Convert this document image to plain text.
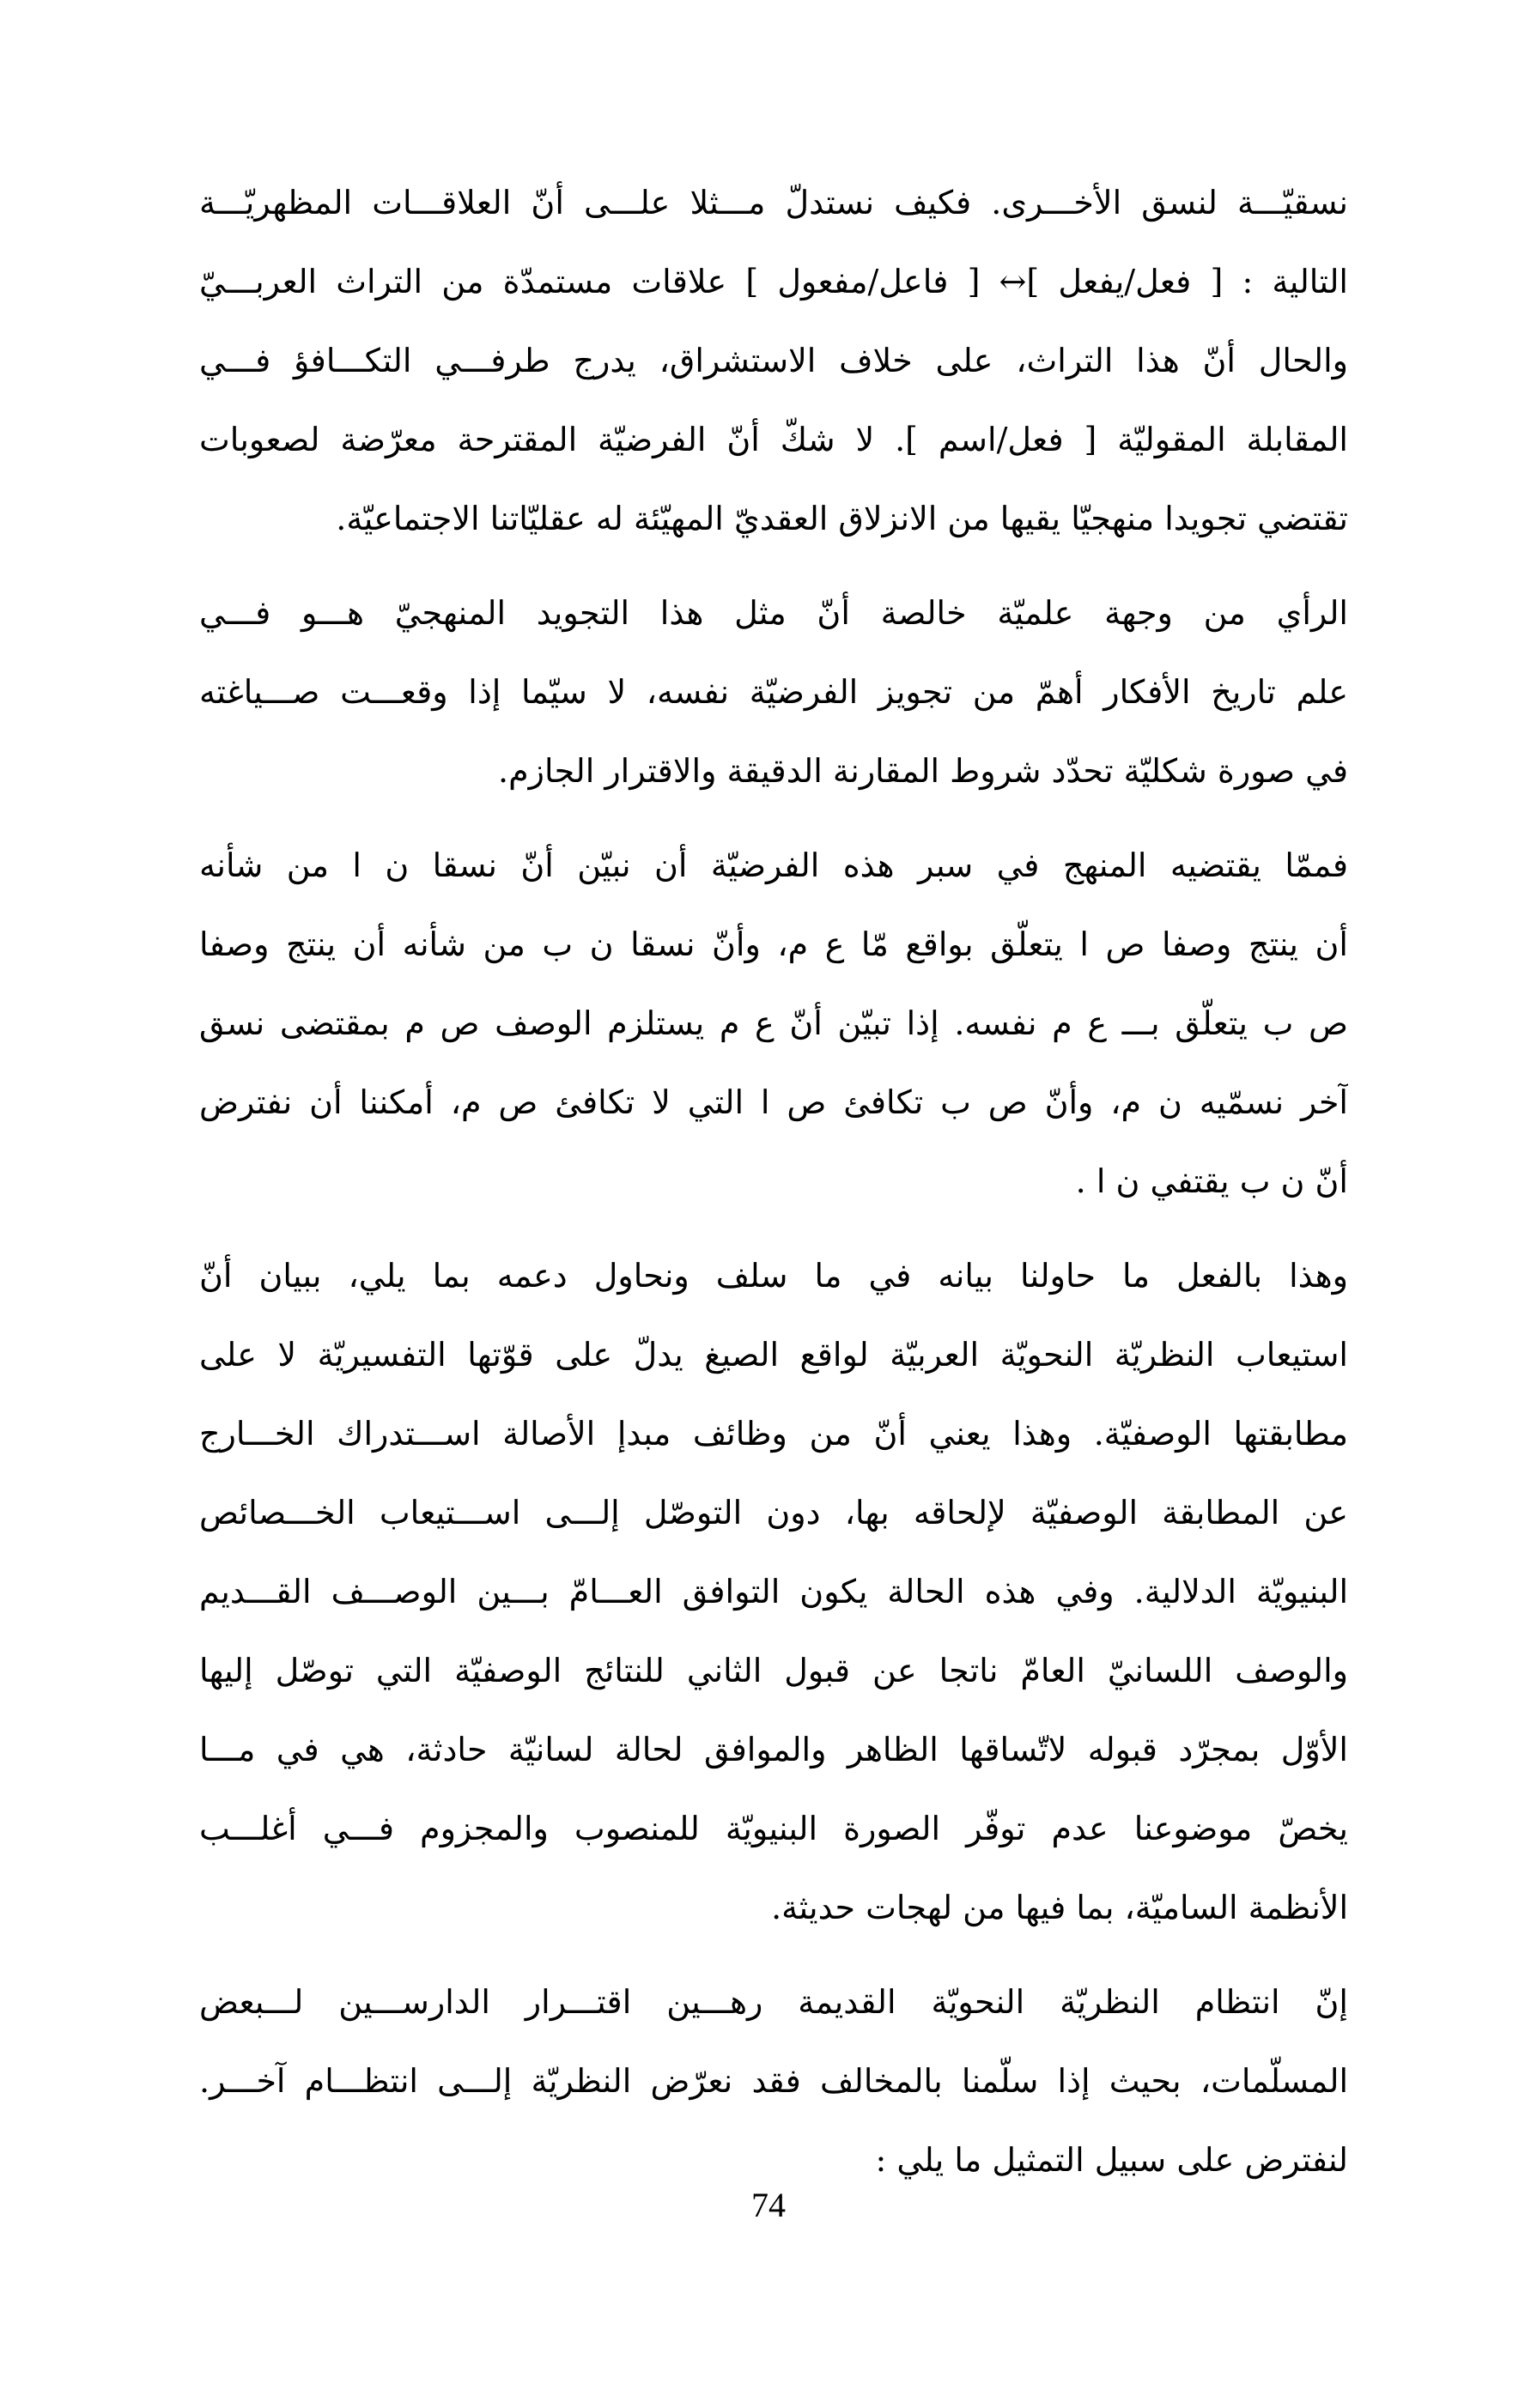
نسقيّـــة لنسق الأخـــرى. فكيف نستدلّ مـــثلا علـــى أنّ العلاقـــات المظهريّـــة
التالية : [ فعل/يفعل ]↔ [ فاعل/مفعول ] علاقات مستمدّة من التراث العربـــيّ
والحال أنّ هذا التراث، على خلاف الاستشراق، يدرج طرفـــي التكـــافؤ فـــي
المقابلة المقوليّة [ فعل/اسم ]. لا شكّ أنّ الفرضيّة المقترحة معرّضة لصعوبات
تقتضي تجويدا منهجيّا يقيها من الانزلاق العقديّ المهيّئة له عقليّاتنا الاجتماعيّة.

الرأي من وجهة علميّة خالصة أنّ مثل هذا التجويد المنهجيّ هـــو فـــي
علم تاريخ الأفكار أهمّ من تجويز الفرضيّة نفسه، لا سيّما إذا وقعـــت صـــياغته
في صورة شكليّة تحدّد شروط المقارنة الدقيقة والاقترار الجازم.

فممّا يقتضيه المنهج في سبر هذه الفرضيّة أن نبيّن أنّ نسقا ن ا من شأنه
أن ينتج وصفا ص ا يتعلّق بواقع مّا ع م، وأنّ نسقا ن ب من شأنه أن ينتج وصفا
ص ب يتعلّق بـــ ع م نفسه. إذا تبيّن أنّ ع م يستلزم الوصف ص م بمقتضى نسق
آخر نسمّيه ن م، وأنّ ص ب تكافئ ص ا التي لا تكافئ ص م، أمكننا أن نفترض
أنّ ن ب يقتفي ن ا .

وهذا بالفعل ما حاولنا بيانه في ما سلف ونحاول دعمه بما يلي، ببيان أنّ
استيعاب النظريّة النحويّة العربيّة لواقع الصيغ يدلّ على قوّتها التفسيريّة لا على
مطابقتها الوصفيّة. وهذا يعني أنّ من وظائف مبدإ الأصالة اســـتدراك الخـــارج
عن المطابقة الوصفيّة لإلحاقه بها، دون التوصّل إلـــى اســـتيعاب الخـــصائص
البنيويّة الدلالية. وفي هذه الحالة يكون التوافق العـــامّ بـــين الوصـــف القـــديم
والوصف اللسانيّ العامّ ناتجا عن قبول الثاني للنتائج الوصفيّة التي توصّل إليها
الأوّل بمجرّد قبوله لاتّساقها الظاهر والموافق لحالة لسانيّة حادثة، هي في مـــا
يخصّ موضوعنا عدم توفّر الصورة البنيويّة للمنصوب والمجزوم فـــي أغلـــب
الأنظمة الساميّة، بما فيها من لهجات حديثة.

إنّ انتظام النظريّة النحويّة القديمة رهـــين اقتـــرار الدارســـين لـــبعض
المسلّمات، بحيث إذا سلّمنا بالمخالف فقد نعرّض النظريّة إلـــى انتظـــام آخـــر.
لنفترض على سبيل التمثيل ما يلي :

74
